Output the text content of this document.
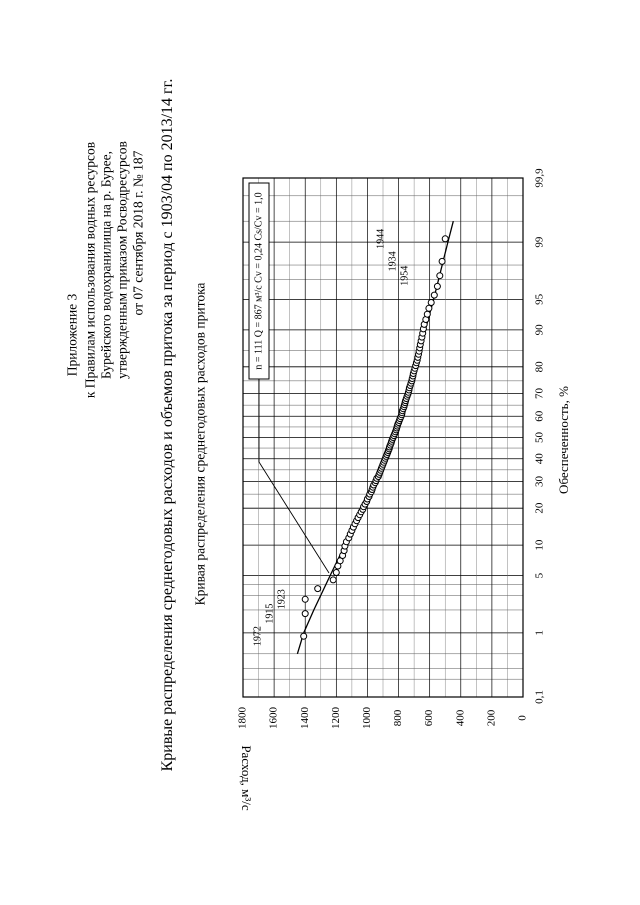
Приложение 3 к Правилам использования водных ресурсов Бурейского водохранилища на р. Бурее, утвержденным приказом Росводресурсов от 07 сентября 2018 г. № 187 Кривые распределения среднегодовых расходов и объемов притока за период с 1903/04 по 2013/14 гг. Кривая распределения среднегодовых расходов притока
0,1
1
5
10
20
30
40
50
60
70
80
90
95
99
99,9
0
200
400
600
800
1000
1200
1400
1600
1800
1972
1915
1923
1954
1934
1944
n = 111 Q = 867 м³/с Cv = 0,24 Cs/Cv = 1,0
Обеспеченность, %
Расход, м³/с
